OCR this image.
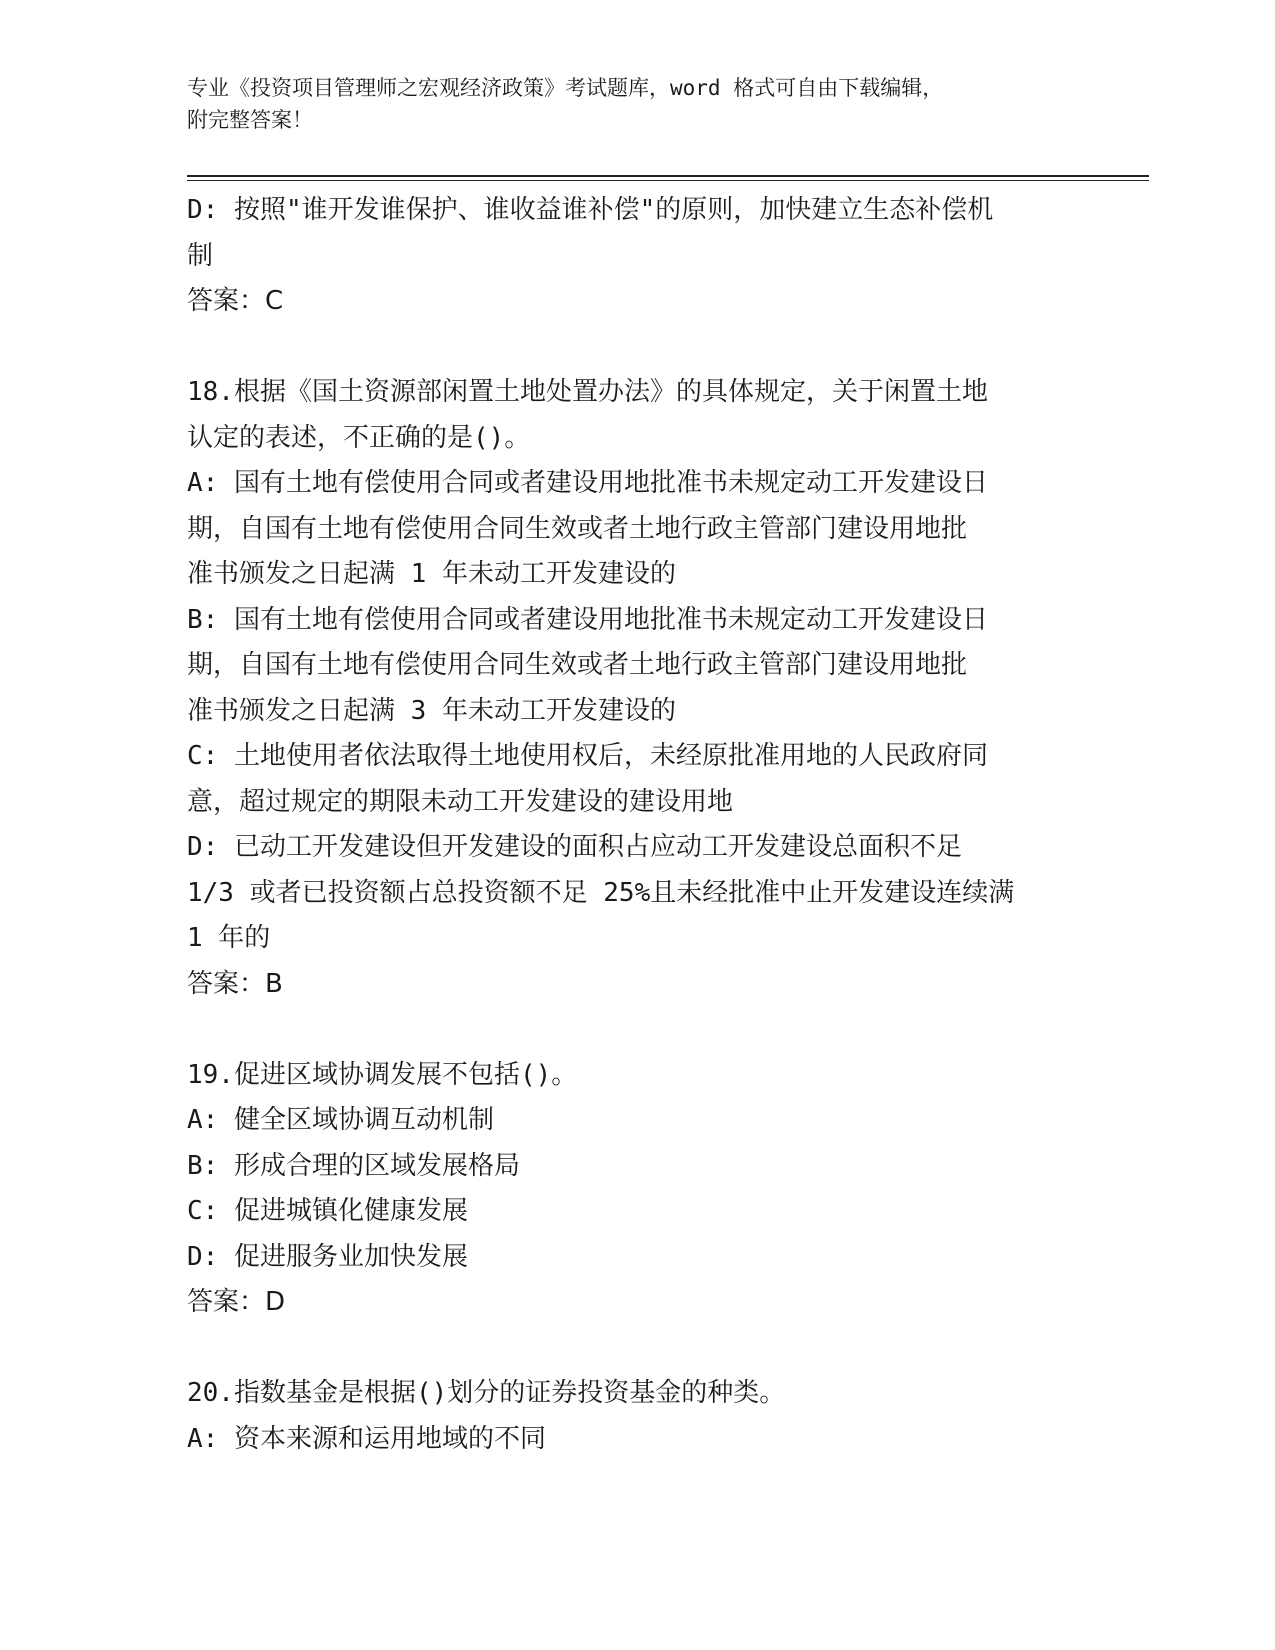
专业《投资项目管理师之宏观经济政策》考试题库，word 格式可自由下载编辑，
附完整答案！
D: 按照"谁开发谁保护、谁收益谁补偿"的原则，加快建立生态补偿机
制
答案：C
18.根据《国土资源部闲置土地处置办法》的具体规定，关于闲置土地
认定的表述，不正确的是()。
A: 国有土地有偿使用合同或者建设用地批准书未规定动工开发建设日
期，自国有土地有偿使用合同生效或者土地行政主管部门建设用地批
准书颁发之日起满 1 年未动工开发建设的
B: 国有土地有偿使用合同或者建设用地批准书未规定动工开发建设日
期，自国有土地有偿使用合同生效或者土地行政主管部门建设用地批
准书颁发之日起满 3 年未动工开发建设的
C: 土地使用者依法取得土地使用权后，未经原批准用地的人民政府同
意，超过规定的期限未动工开发建设的建设用地
D: 已动工开发建设但开发建设的面积占应动工开发建设总面积不足
1/3 或者已投资额占总投资额不足 25%且未经批准中止开发建设连续满
1 年的
答案：B
19.促进区域协调发展不包括()。
A: 健全区域协调互动机制
B: 形成合理的区域发展格局
C: 促进城镇化健康发展
D: 促进服务业加快发展
答案：D
20.指数基金是根据()划分的证券投资基金的种类。
A: 资本来源和运用地域的不同
